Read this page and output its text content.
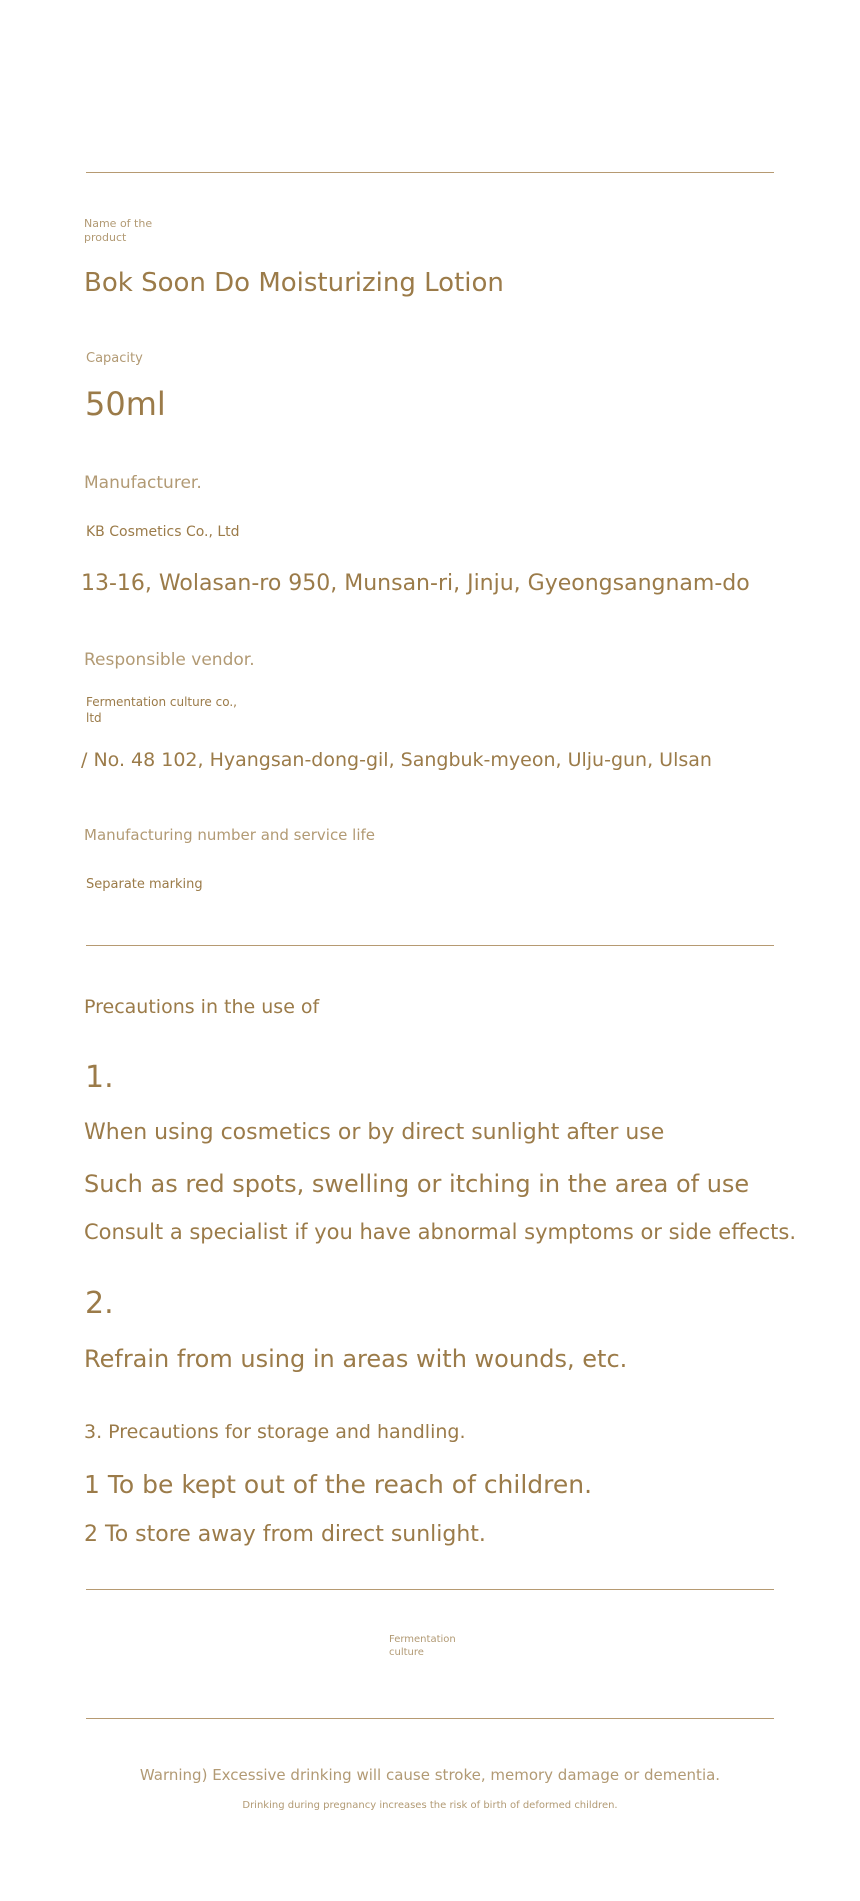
Name of the product
Bok Soon Do Moisturizing Lotion
Capacity
50ml
Manufacturer.
KB Cosmetics Co., Ltd
13-16, Wolasan-ro 950, Munsan-ri, Jinju, Gyeongsangnam-do
Responsible vendor.
Fermentation culture co., ltd
/ No. 48 102, Hyangsan-dong-gil, Sangbuk-myeon, Ulju-gun, Ulsan
Manufacturing number and service life
Separate marking
Precautions in the use of
1.
When using cosmetics or by direct sunlight after use
Such as red spots, swelling or itching in the area of use
Consult a specialist if you have abnormal symptoms or side effects.
2.
Refrain from using in areas with wounds, etc.
3. Precautions for storage and handling.
1 To be kept out of the reach of children.
2 To store away from direct sunlight.
Fermentation culture
Warning) Excessive drinking will cause stroke, memory damage or dementia.
Drinking during pregnancy increases the risk of birth of deformed children.
